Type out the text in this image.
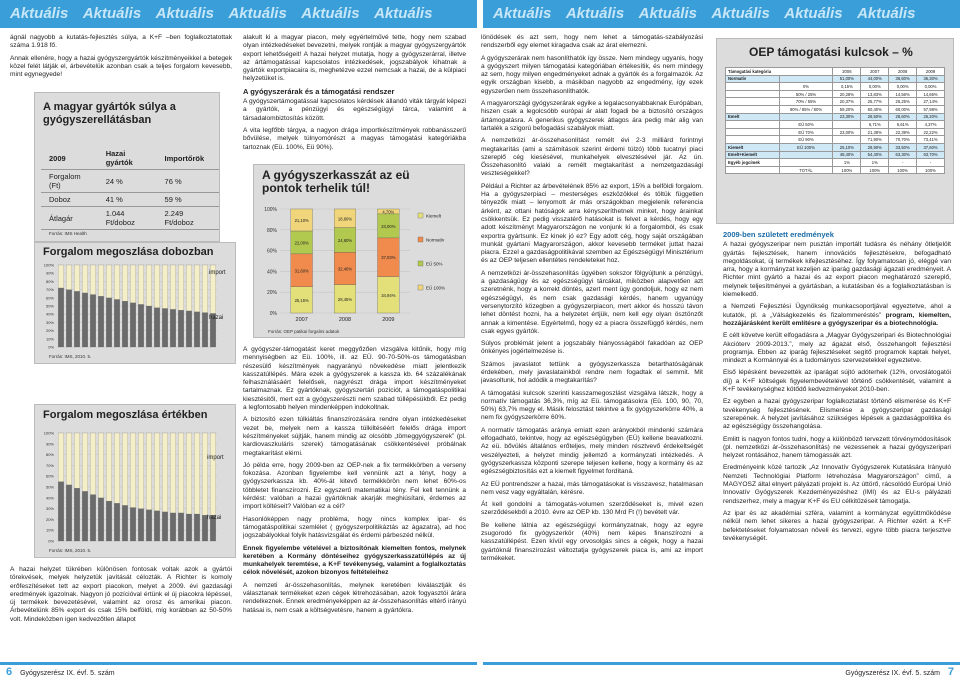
Aktuális Aktuális Aktuális Aktuális Aktuális Aktuális	Aktuális Aktuális Aktuális Aktuális Aktuális Aktuális

ágnál nagyobb a kutatás-fejlesztés súlya, a K+F –ben foglalkoztatottak száma 1.918 fő.

Annak ellenére, hogy a hazai gyógyszergyártók készítményeikkel a betegek közel felét látják el, árbevételük azonban csak a teljes forgalom kevesebb, mint egynegyede!

A magyar gyártók súlya a gyógyszerellátásban
2009	Hazai gyártók	Importőrök
Forgalom (Ft)	24 %	76 %
Doboz	41 %	59 %
Átlagár	1.044 Ft/doboz	2.249 Ft/doboz
Forrás: IMS Health
Forgalom megoszlása dobozban
0%
10%
20%
30%
40%
50%
60%
70%
80%
90%
100%
Forrás: IMS, 2010. 5.
import
hazai
Forgalom megoszlása értékben
0%
10%
20%
30%
40%
50%
60%
70%
80%
90%
100%
Forrás: IMS, 2010. 5.
import
hazai

A hazai helyzet tükrében különösen fontosak voltak azok a gyártói törekvések, melyek helyzetük javítását célozták. A Richter is komoly erőfeszítéseket tett az export piacokon, melyet a 2009. évi gazdasági eredmények igazolnak. Nagyon jó pozícióval értünk el új piacokra lépéssel, új termékek bevezetésével, valamint az orosz és amerikai piacon. Árbevételünk 85% export és csak 15% belföldi, míg korábban az 50-50% volt. Mindeközben igen kedvezőtlen állapot

alakult ki a magyar piacon, mely egyértelművé tette, hogy nem szabad olyan intézkedéseket bevezetni, melyek rontják a magyar gyógyszergyártók export lehetőségeit! A hazai helyzet mutatja, hogy a gyógyszerárral, illetve az ártámogatással kapcsolatos intézkedések, jogszabályok kihatnak a gyártók exportpiacaira is, meghetézve ezzel nemcsak a hazai, de a külpiaci helyzetüket is.

A gyógyszerárak és a támogatási rendszer

A gyógyszertámogatással kapcsolatos kérdések állandó viták tárgyát képezi a gyártók, a pénzügyi és egészségügyi tárca, valamint a társadalombiztosítás között.

A vita legfőbb tárgya, a nagyon drága importkészítmények robbanásszerű bővülése, melyek túlnyomórészt a magyas támogatási kategóriákba tartoznak (Eü. 100%, Eü 90%).

A gyógyszerkasszát az eü pontok terhelik túl!
0%
20%
40%
60%
80%
100%
25,15%
31,60%
22,00%
21,10%
2007
28,45%
32,40%
24,60%
18,60%
2008
34,94%
37,03%
23,00%
4,70%
2009
Kiemelt
Normatív
EÜ 50%
EÜ 100%
Forrás: OEP patikai forgalmi adatok

A gyógyszer-támogatást keret meggyőzően vizsgálva kitűnik, hogy míg mennyiségben az Eü. 100%, ill. az EÜ. 90-70-50%-os támogatásban részesülő készítmények nagyarányú növekedése miatt jelentkezik kasszatúllépés. Mára ezek a gyógyszerek a kassza kb. 64 százalékának felhasználásáért felelősek, nagyrészt drága import készítményeket tartalmaznak. Ez gyártóknak, gyógyszertári pozíciót, a támogatáspolitikai kiesztésitől, mert ezt a gyógyszerészti nem szabad túllépésükből. Ez pedig a legfontosabb helyen mindenképpen indokoltnak.

A biztosító ezen túlkiáltás finanszírozására rendre olyan intézkedéseket vezet be, melyek nem a kassza túlkiltéséért felelős drága import készítményeket sújtják, hanem mindig az olcsóbb „tömeggyógyszerek” (pl. kardiovaszkuláris szerek) támogatásának csökkentésével próbálnak megtakarítást elérni.

Jó példa erre, hogy 2009-ben az OEP-nek a fix termékkörben a verseny fokozása. Azonban figyelembe kell vennünk azt a tényt, hogy a gyógyszerkassza kb. 40%-át kitevő termékkörön nem lehet 60%-os többletet finanszírozni. Ez egyszerű matematikai tény. Fel kell tennünk a kérdést: valóban a hazai gyártóknak akarják meghiúsítani, érdemes az import költéseit? Valóban ez a cél?

Hasonlóképpen nagy probléma, hogy nincs komplex ipar- és támogatáspolitikai szemlélet ( gyógyszerpolitikáztás az ágazatra), ad hoc jogszabályokkal folyik hatásvizsgálat és érdemi párbeszéd nélkül.

Ennek figyelembe vételével a biztosítónak kiemelten fontos, melynek keretében a Kormány döntéseihez gyógyszerkasszatúllépés az új munkahelyek teremtése, a K+F tevékenység, valamint a foglalkoztatás célok növelését, azokon bizonyos feltételeihez

A nemzeti ár-összehasonlítás, melynek keretében kiválasztják és választanak termékeket ezen cégek létrehozásában, azok fogyasztói árára rendelkeznek. Ennek eredményeképpen az ár-összehasonlítás eltérő irányú hatásai is, nem csak a költségvetésre, hanem a gyártókra.

lönödések és azt sem, hogy nem lehet a támogatás-szabályozási rendszerből egy elemet kiragadva csak az árat elemezni.

A gyógyszerárak nem hasonlíthatók így össze. Nem mindegy ugyanis, hogy a gyógyszert milyen támogatási kategóriában értékesítik, és nem mindegy az sem, hogy milyen engedményeket adnak a gyártók és a forgalmazók. Az egyik országban kisebb, a másikban nagyobb az engedmény, így ezek egyszerűen nem összehasonlíthatók.

A magyarországi gyógyszerárak egyike a legalacsonyabbaknak Európában, hiszen csak a legolcsóbb európai ár alatt fogadi be a biztosító országos ártámogatásra. A generikus gyógyszerek átlagos ára pedig már alig van tartalék a szigorú befogadási szabályok miatt.

A nemzetközi ár-összehasonlítást remélt évi 2-3 milliárd forintnyi megtakarítás (ami a számítások szerint érdemi túlzó) több tucatnyi piaci szereplő cég kiesésével, munkahelyek elvesztésével jár. Az ún. Összehasonlító valaki a remélt megtakarítást a nemzetgazdasági veszteségekkel?

Például a Richter az árbevételének 85% az export, 15% a belföldi forgalom. Ha a gyógyszerpiaci – mesterséges eszközökkel és töltük független tényezők miatt – lenyomott ár más országokban megjelenik referencia árként, az ottani hatóságok arra kényszeríthetnek minket, hogy árainkat csökkentsük. Ez pedig visszatérő hatásokat is felvet a kérdés, hogy egy adott készítményt Magyarországon ne vonjunk ki a forgalomból, és csak exportra gyártsunk. Ez kinek jó ez? Egy adott cég, hogy saját országában munkát gyártani Magyarországon, akkor kevesebb terméket juttat hazai piacra. Ezzel a gazdaságpolitikával szemben az Egészségügyi Minisztérium és az OEP teljesen ellentétes rendeleteket hoz.

A nemzetközi ár-összehasonlítás ügyében sokszor fölgyújtunk a pénzügyi, a gazdaságügy és az egészségügyi tárcákat, miközben alapvetően azt szeretnénk, hogy a korrekt döntés, azert ment ügy gondoljuk, hogy ez nem egészségügyi, és nem csak gazdasági kérdés, hanem ugyanúgy versenytorzító közegben a gyógyszerpiacon, mert akkor és hosszú távon lehet döntést hozni, ha a helyzetet értjük, nem kell egy olyan ösztönzőt annak a kimentése. Egyértelmű, hogy ez a piacra összefüggő kérdés, nem csak egyes gyártók.

Súlyos problémát jelent a jogszabály hiányosságából fakadóan az OEP önkényes jogértelmezése is.

Számos javaslatot tettünk a gyógyszerkassza betarthatóságának érdekében, mely javaslatainkból rendre nem fogadtak el semmit. Mit javasoltunk, hol adódik a megtakarítás?

A támogatási kulcsok szerinti kasszamegoszlást vizsgálva látszik, hogy a normatív támogatás 36,3%, míg az Eü. támogatásokra (Eü. 100, 90, 70, 50%) 63,7% megy el. Másik felosztást tekintve a fix gyógyszerkörre 40%, a nem fix gyógyszerkörre 60%.

A normatív támogatás aránya emiatt ezen arányokból mindenki számára elfogadható, tekintve, hogy az egészségügyben (EÜ) kellene beavatkozni. Az eü. bővülés általános erőteljes, mely minden résztvevő érdekeltségét veszélyezteti, a helyzet mindig jellemző a kormányzati intézkedés. A gyógyszerkassza központi szerepe teljesen kellene, hogy a kormány és az egészségbiztosítás ezt a kiemelt figyelmet fordítaná.

Az EÜ pontrendszer a hazai, más támogatásokat is visszavesz, hatalmasan nem vesz vagy egyáltalán, kérésre.

Át kell gondolni a támogatás-volumen szerződéseket is, mivel ezen szerződésekből a 2010. évre az OEP kb. 130 Mrd Ft (!) bevételt vár.

Be kellene látnia az egészségügyi kormányzatnak, hogy az egyre zsugorodó fix gyógyszerkör (40%) nem képes finanszírozni a kasszatúllépést. Ezen kívül egy orvosolgás sincs a cégek, hogy a hazai gyártóknál finanszírozást változtatja gyógyszerek piaca is, ami az import termékeket.

OEP támogatási kulcsok – %
Támogatási kategória		2006	2007	2008	2009
Normatív		51,00%	44,00%	36,60%	36,30%
	0%	0,15%	0,00%	0,00%	0,00%
	50% / 25%	20,28%	13,83%	14,56%	14,66%
	70% / 55%	20,37%	25,77%	25,25%	27,14%
	90% / 85% / 80%	59,20%	60,40%	60,00%	57,98%
Emelt		23,30%	26,50%	28,60%	26,20%
	EÜ 50%		6,71%	6,61%	4,37%
	EÜ 70%	23,00%	21,38%	22,39%	22,22%
	EÜ 90%		71,90%	70,70%	73,41%
Kiemelt	EÜ 100%	25,10%	28,90%	33,50%	37,60%
Emelt+Kiemelt		48,40%	54,40%	63,30%	63,70%
Egyéb jogcímek		1%	1%	-	-
	TOTÁL	100%	100%	100%	100%
2009-ben született eredmények

A hazai gyógyszeripar nem pusztán importált tudásra és néhány ötletjelölt gyártás fejlesztések, hanem innovációs fejlesztésekre, befogadható megoldásokat, új termékek kifejlesztéséhez. Így folyamatosan jó, eléggé van arra, hogy a kormányzat kezeljen az iparág gazdasági ágazati eredményeit. A Richter mint gyártó a hazai és az export piacon meghatározó szereplő, melynek teljesítményei a gyártásban, a kutatásban és a foglalkoztatásban is kiemelkedő.

a Nemzeti Fejlesztési Ügynökség munkacsoportjával egyeztetve, ahol a kutatók, pl. a „Válságkezelés és fizalommeréstés” program, kiemelten, hozzájárásként került említésre a gyógyszeripar és a biotechnológia.

E célt követve került elfogadásra a „Magyar Gyógyszeripari és Biotechnológiai Akcióterv 2009-2013.”, mely az ágazat első, összehangolt fejlesztési programja. Ebben az iparág fejlesztéseket segítő programok kaptak helyet, mindezt a Kormánnyal és a tudományos szervezetekkel egyeztetve.

Első lépésként bevezették az iparágat sújtó adóterhek (12%, orvoslátogatói díj) a K+F költségek figyelembevételével történő csökkentését, valamint a K+F tevékenységhez kötődő kedvezményeket 2010-ben.

Ez egyben a hazai gyógyszeripar foglalkoztatást történő elismerése és K+F tevékenység fejlesztésének. Elismerése a gyógyszeripar gazdasági szerepének. A helyzet javításához szükséges lépések a gazdaságpolitika és az egészségügy összehangolása.

Emlitt is nagyon fontos tudni, hogy a különböző tervezett törvénymódosítások (pl. nemzetközi ár-összehasonlítás) ne vezessenek a hazai gyógyszeripari helyzet rontásához, hanem támogassák azt.

Eredményeink közé tartozik „Az Innovatív Gyógyszerek Kutatására Irányuló Nemzeti Technológiai Platform létrehozása Magyarországon” című, a MAGYOSZ által elnyert pályázati projekt is. Az úttörő, rácsolódó Európai Unió Innovatív Gyógyszerek Kezdeményezéshez (IMI) és az EU-s pályázati rendszerhez, mely a magyar K+F és EU célkitűzéseit támogatja.

Az ipar és az akadémiai szféra, valamint a kormányzat együttműködése nélkül nem lehet sikeres a hazai gyógyszeripar. A Richter ezért a K+F befektetéseket folyamatosan növeli és tervezi, egyre több piacra terjesztve tevékenységét.

6 Gyógyszerész IX. évf. 5. szám	Gyógyszerész IX. évf. 5. szám 7
